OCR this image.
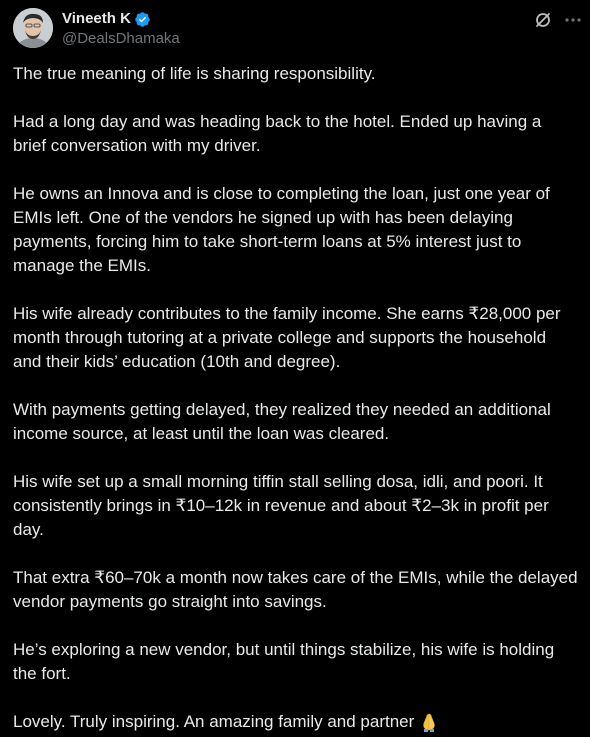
Vineeth K
@DealsDhamaka

The true meaning of life is sharing responsibility.

Had a long day and was heading back to the hotel. Ended up having a brief conversation with my driver.

He owns an Innova and is close to completing the loan, just one year of EMIs left. One of the vendors he signed up with has been delaying payments, forcing him to take short-term loans at 5% interest just to manage the EMIs.

His wife already contributes to the family income. She earns ₹28,000 per month through tutoring at a private college and supports the household and their kids’ education (10th and degree).

With payments getting delayed, they realized they needed an additional income source, at least until the loan was cleared.

His wife set up a small morning tiffin stall selling dosa, idli, and poori. It consistently brings in ₹10–12k in revenue and about ₹2–3k in profit per day.

That extra ₹60–70k a month now takes care of the EMIs, while the delayed vendor payments go straight into savings.

He’s exploring a new vendor, but until things stabilize, his wife is holding the fort.

Lovely. Truly inspiring. An amazing family and partner
